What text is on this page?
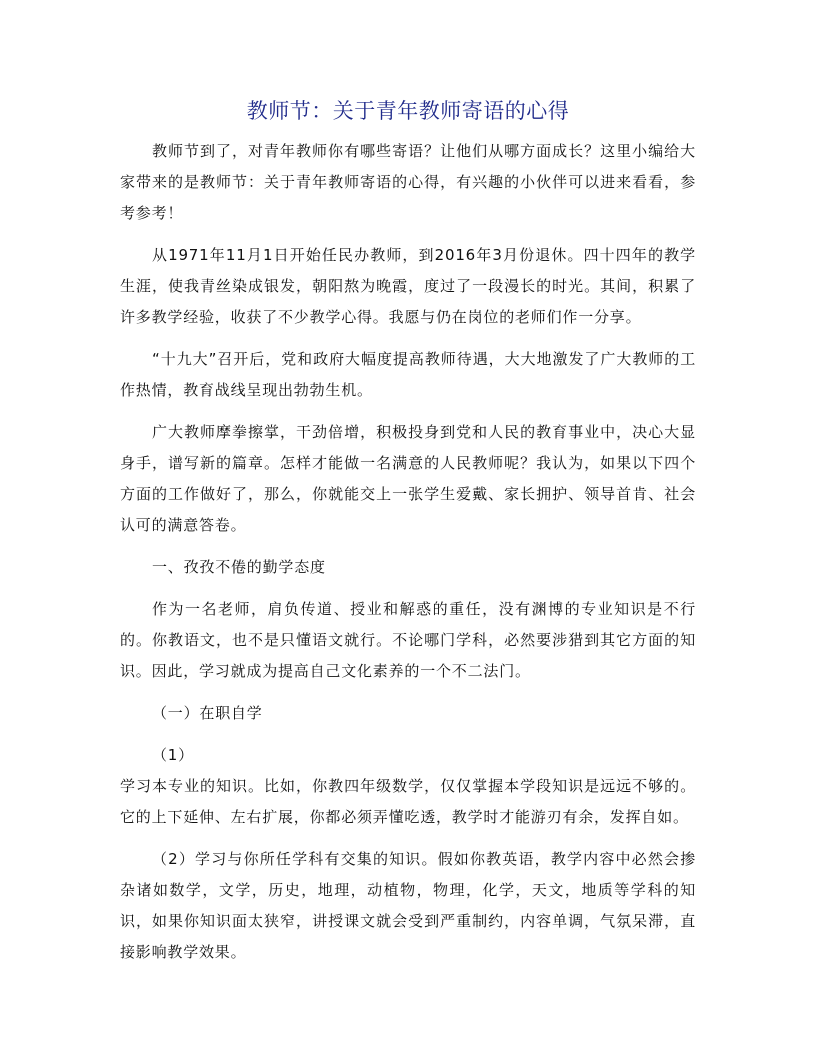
教师节：关于青年教师寄语的心得

教师节到了，对青年教师你有哪些寄语？让他们从哪方面成长？这里小编给大家带来的是教师节：关于青年教师寄语的心得，有兴趣的小伙伴可以进来看看，参考参考！

从1971年11月1日开始任民办教师，到2016年3月份退休。四十四年的教学生涯，使我青丝染成银发，朝阳熬为晚霞，度过了一段漫长的时光。其间，积累了许多教学经验，收获了不少教学心得。我愿与仍在岗位的老师们作一分享。

“十九大”召开后，党和政府大幅度提高教师待遇，大大地激发了广大教师的工作热情，教育战线呈现出勃勃生机。

广大教师摩拳擦掌，干劲倍增，积极投身到党和人民的教育事业中，决心大显身手，谱写新的篇章。怎样才能做一名满意的人民教师呢？我认为，如果以下四个方面的工作做好了，那么，你就能交上一张学生爱戴、家长拥护、领导首肯、社会认可的满意答卷。

一、孜孜不倦的勤学态度

作为一名老师，肩负传道、授业和解惑的重任，没有渊博的专业知识是不行的。你教语文，也不是只懂语文就行。不论哪门学科，必然要涉猎到其它方面的知识。因此，学习就成为提高自己文化素养的一个不二法门。

（一）在职自学

（1）

学习本专业的知识。比如，你教四年级数学，仅仅掌握本学段知识是远远不够的。它的上下延伸、左右扩展，你都必须弄懂吃透，教学时才能游刃有余，发挥自如。

（2）学习与你所任学科有交集的知识。假如你教英语，教学内容中必然会掺杂诸如数学，文学，历史，地理，动植物，物理，化学，天文，地质等学科的知识，如果你知识面太狭窄，讲授课文就会受到严重制约，内容单调，气氛呆滞，直接影响教学效果。
